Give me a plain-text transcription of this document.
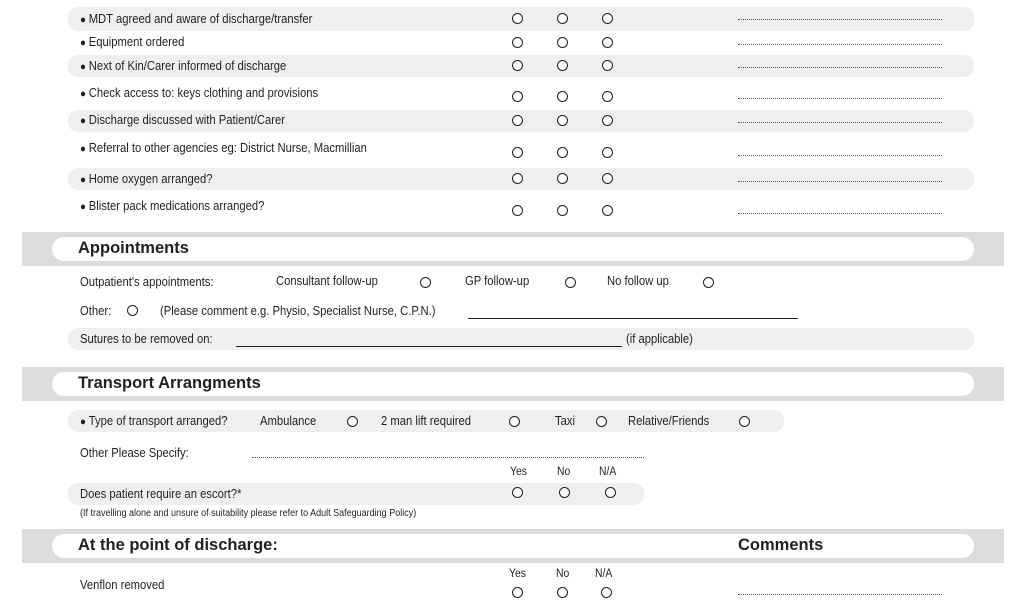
● MDT agreed and aware of discharge/transfer
● Equipment ordered
● Next of Kin/Carer informed of discharge
● Check access to: keys clothing and provisions
● Discharge discussed with Patient/Carer
● Referral to other agencies eg: District Nurse, Macmillian
● Home oxygen arranged?
● Blister pack medications arranged?
Appointments
Outpatient's appointments:	Consultant follow-up	GP follow-up	No follow up
Other:	(Please comment e.g. Physio, Specialist Nurse, C.P.N.)
Sutures to be removed on:	(if applicable)
Transport Arrangments
● Type of transport arranged?	Ambulance	2 man lift required	Taxi	Relative/Friends
Other Please Specify:
Yes	No	N/A
Does patient require an escort?*
(If travelling alone and unsure of suitability please refer to Adult Safeguarding Policy)
At the point of discharge:	Comments
Yes	No N/A
Venflon removed
